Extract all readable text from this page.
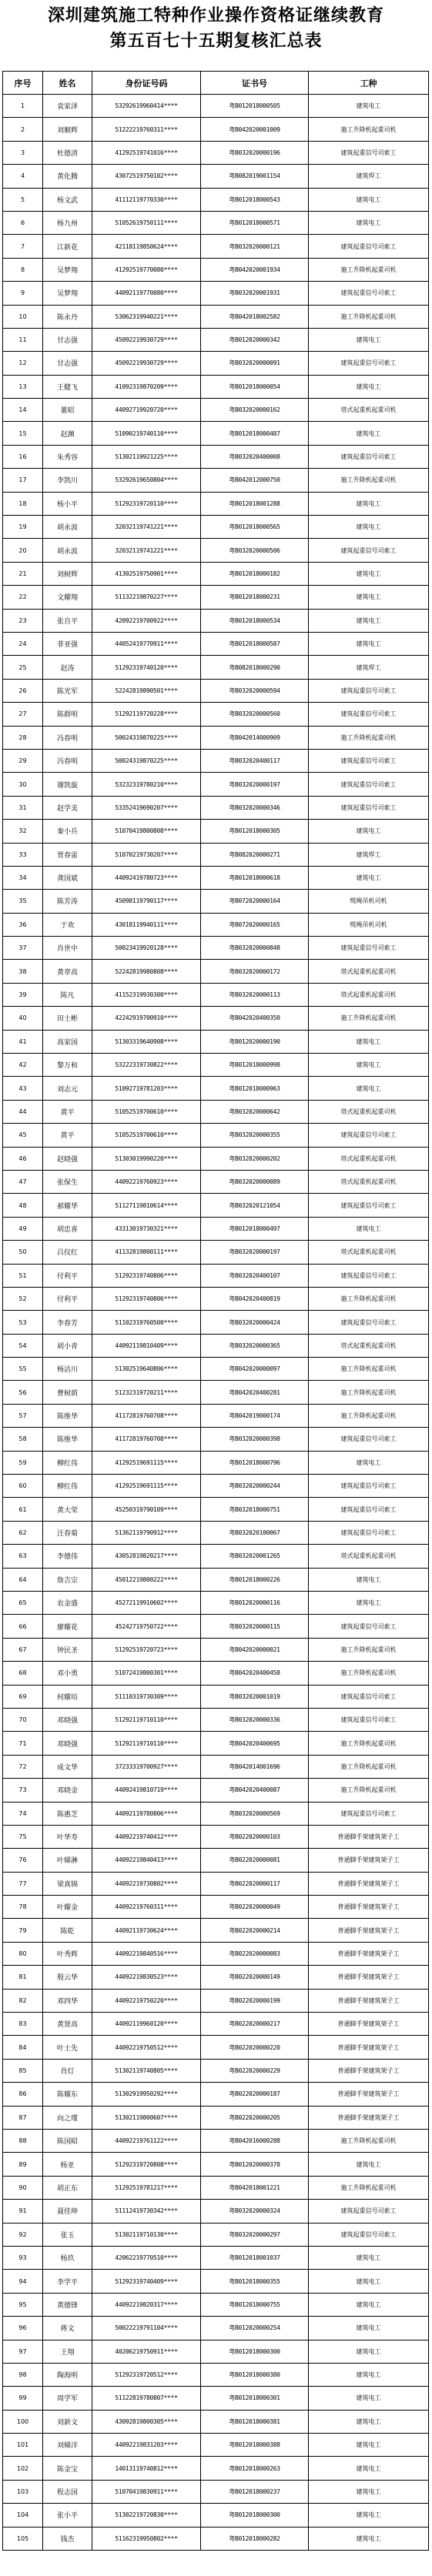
深圳建筑施工特种作业操作资格证继续教育
第五百七十五期复核汇总表
序号	姓名	身份证号码	证书号	工种
1	袁家泽	53292619960414****	粤B012018000505	建筑电工
2	刘顺辉	51222219760311****	粤B042020001009	施工升降机起重司机
3	杜德清	41292519741016****	粤B032020000196	建筑起重信号司索工
4	黄化腾	43072519750102****	粤B082019001154	建筑焊工
5	杨文武	41112119770330****	粤B012018000543	建筑电工
6	杨九州	51052619750111****	粤B012018000571	建筑电工
7	江新花	42118119850624****	粤B032020000121	建筑起重信号司索工
8	吴梦翔	41292519770080****	粤B042020001934	施工升降机起重司机
9	吴梦翔	44092119770080****	粤B032020001931	建筑起重信号司索工
10	陈永丹	53062319940221****	粤B042018002582	施工升降机起重司机
11	甘志强	45092219930729****	粤B012020000342	建筑电工
12	甘志强	45092219930729****	粤B032020000091	建筑起重信号司索工
13	王健飞	41092319870209****	粤B012018000054	建筑电工
14	董昭	44092719920720****	粤B032020000162	塔式起重机起重司机
15	赵渊	51090219740110****	粤B012018000487	建筑电工
16	朱秀容	51302119921225****	粤B032020400008	建筑起重信号司索工
17	李凯川	53292619650804****	粤B042012000750	施工升降机起重司机
18	杨小平	51292319720110****	粤B012018001288	建筑电工
19	胡永波	32032119741221****	粤B012018000565	建筑电工
20	胡永波	32032119741221****	粤B032020000506	建筑起重信号司索工
21	刘树辉	41302519750901****	粤B012018000182	建筑电工
22	文耀翔	51132219870227****	粤B012018000231	建筑电工
23	张自平	42092219700922****	粤B012018000534	建筑电工
24	菲亚强	44052419770911****	粤B012018000587	建筑电工
25	赵涛	51292319740120****	粤B082018000290	建筑焊工
26	陈光军	52242819890501****	粤B032020000594	建筑起重信号司索工
27	陈群明	51292119720228****	粤B032020000560	建筑起重信号司索工
28	冯春明	50024319870225****	粤B042014000909	施工升降机起重司机
29	冯春明	50024319870225****	粤B032020400117	建筑起重信号司索工
30	谢凯旋	53232319780210****	粤B032020000197	建筑起重信号司索工
31	赵学美	53352419690207****	粤B032020000346	建筑起重信号司索工
32	秦小兵	51070419800808****	粤B012018000305	建筑电工
33	贾春雷	51070219730207****	粤B082020000271	建筑焊工
34	龚国斌	44092419780723****	粤B012018000618	建筑电工
35	陈芳涛	45098119790117****	粤B072020000164	缆绳吊机司机
36	于欢	43018119940111****	粤B072020000165	缆绳吊机司机
37	肖世中	50023419920128****	粤B032020000848	建筑起重信号司索工
38	黄章高	52242819980808****	粤B032020000172	塔式起重机起重司机
39	陈凡	41152319930300****	粤B032020000113	塔式起重机起重司机
40	田士彬	42242919700910****	粤B042020400350	施工升降机起重司机
41	高家国	51303319640908****	粤B012020000190	建筑电工
42	黎万和	53222319730822****	粤B012018000998	建筑电工
43	刘志元	51092719781203****	粤B012018000963	建筑电工
44	黄平	51052519700610****	粤B032020000642	塔式起重机起重司机
45	黄平	51052519700610****	粤B032020000355	建筑起重信号司索工
46	赵晓强	51303019990220****	粤B032020000202	塔式起重机起重司机
47	张保生	44092219760923****	粤B032020000089	塔式起重机起重司机
48	郝耀华	51127119810614****	粤B032020121054	建筑起重信号司索工
49	胡忠喜	43313019730321****	粤B012018000497	建筑电工
50	吕仪红	41132819800111****	粤B032020000197	塔式起重机起重司机
51	付利平	51292319740806****	粤B032020400107	建筑起重信号司索工
52	付利平	51292319740806****	粤B042020400819	施工升降机起重司机
53	李春芳	51102319760500****	粤B032020000424	建筑起重信号司索工
54	胡小青	44092119810409****	粤B032020000365	塔式起重机起重司机
55	杨洁川	51302519640806****	粤B042020000097	施工升降机起重司机
56	曹树荫	51232319720211****	粤B042020400281	施工升降机起重司机
57	陈维华	41172819760708****	粤B042019000174	施工升降机起重司机
58	陈维华	41172819760708****	粤B032020000398	建筑起重信号司索工
59	柳红伟	41292519691115****	粤B012018000796	建筑电工
60	柳红伟	41292519691115****	粤B032020000244	建筑起重信号司索工
61	黄大荣	45250319790109****	粤B032018000751	建筑起重信号司索工
62	汪春菊	51362119790912****	粤B032020100067	建筑起重信号司索工
63	李德伟	43052819820217****	粤B032020001265	塔式起重机起重司机
64	詹吉宗	45012219800222****	粤B012018000226	建筑电工
65	农金盛	45272119910602****	粤B012020000116	建筑电工
66	廖耀花	45242719750722****	粤B032020000115	建筑起重信号司索工
67	钟民圣	51292519720723****	粤B042020000021	施工升降机起重司机
68	邓小勇	51072419800301****	粤B042020400458	施工升降机起重司机
69	何耀培	51110319730309****	粤B032020001019	建筑起重信号司索工
70	邓晓强	51292119710110****	粤B032020000336	建筑起重信号司索工
71	邓晓强	51292119710110****	粤B042020400695	施工升降机起重司机
72	成文华	37233319700927****	粤B042014001696	施工升降机起重司机
73	邓晓金	44092419810719****	粤B042020400087	施工升降机起重司机
74	陈惠芝	44092119780806****	粤B032020000569	建筑起重信号司索工
75	叶华寿	44092219740412****	粤B022020000103	普通脚手架建筑架子工
76	叶娣淋	44092219840413****	粤B022020000081	普通脚手架建筑架子工
77	梁真锦	44092219730802****	粤B022020000117	普通脚手架建筑架子工
78	叶耀金	44092219760311****	粤B022020000049	普通脚手架建筑架子工
79	陈乾	44092119730624****	粤B022020000214	普通脚手架建筑架子工
80	叶秀辉	44092219840516****	粤B022020000083	普通脚手架建筑架子工
81	殷云华	44092219830523****	粤B022020000149	普通脚手架建筑架子工
82	邓四华	44092219750220****	粤B022020000199	普通脚手架建筑架子工
83	黄贤高	44092119960120****	粤B022020000217	普通脚手架建筑架子工
84	叶士先	44092219750512****	粤B022020000220	普通脚手架建筑架子工
85	肖灯	51302119740805****	粤B022020000229	普通脚手架建筑架子工
86	陈耀东	51302919950292****	粤B022020000187	普通脚手架建筑架子工
87	向之瑾	51302119800607****	粤B022020000205	普通脚手架建筑架子工
88	陈国昭	44092219761122****	粤B042016000288	施工升降机起重司机
89	杨亚	51292319720808****	粤B012020000378	建筑电工
90	胡正东	51292519781217****	粤B042018001221	施工升降机起重司机
91	聂佳坤	51112419730342****	粤B032020000324	建筑起重信号司索工
92	张玉	51302119710130****	粤B032020000297	建筑起重信号司索工
93	杨玖	42062219770510****	粤B012018001037	建筑电工
94	李学平	51292319740409****	粤B012018000355	建筑电工
95	黄德锋	44092219820317****	粤B012018000755	建筑电工
96	蒋文	50022219791104****	粤B012020000254	建筑电工
97	王翔	40206219750911****	粤B012018000300	建筑电工
98	陶海明	51292319720512****	粤B012018000380	建筑电工
99	周学军	51122819780807****	粤B012018000301	建筑电工
100	刘新文	43092819800305****	粤B012018000381	建筑电工
101	刘娣洋	44092219831203****	粤B012018000388	建筑电工
102	陈金宝	14013119740812****	粤B012018000263	建筑电工
103	程志国	51070419830911****	粤B012018000237	建筑电工
104	张小平	51302219720830****	粤B012018000300	建筑电工
105	钱杰	51162319950802****	粤B012018000282	建筑电工
